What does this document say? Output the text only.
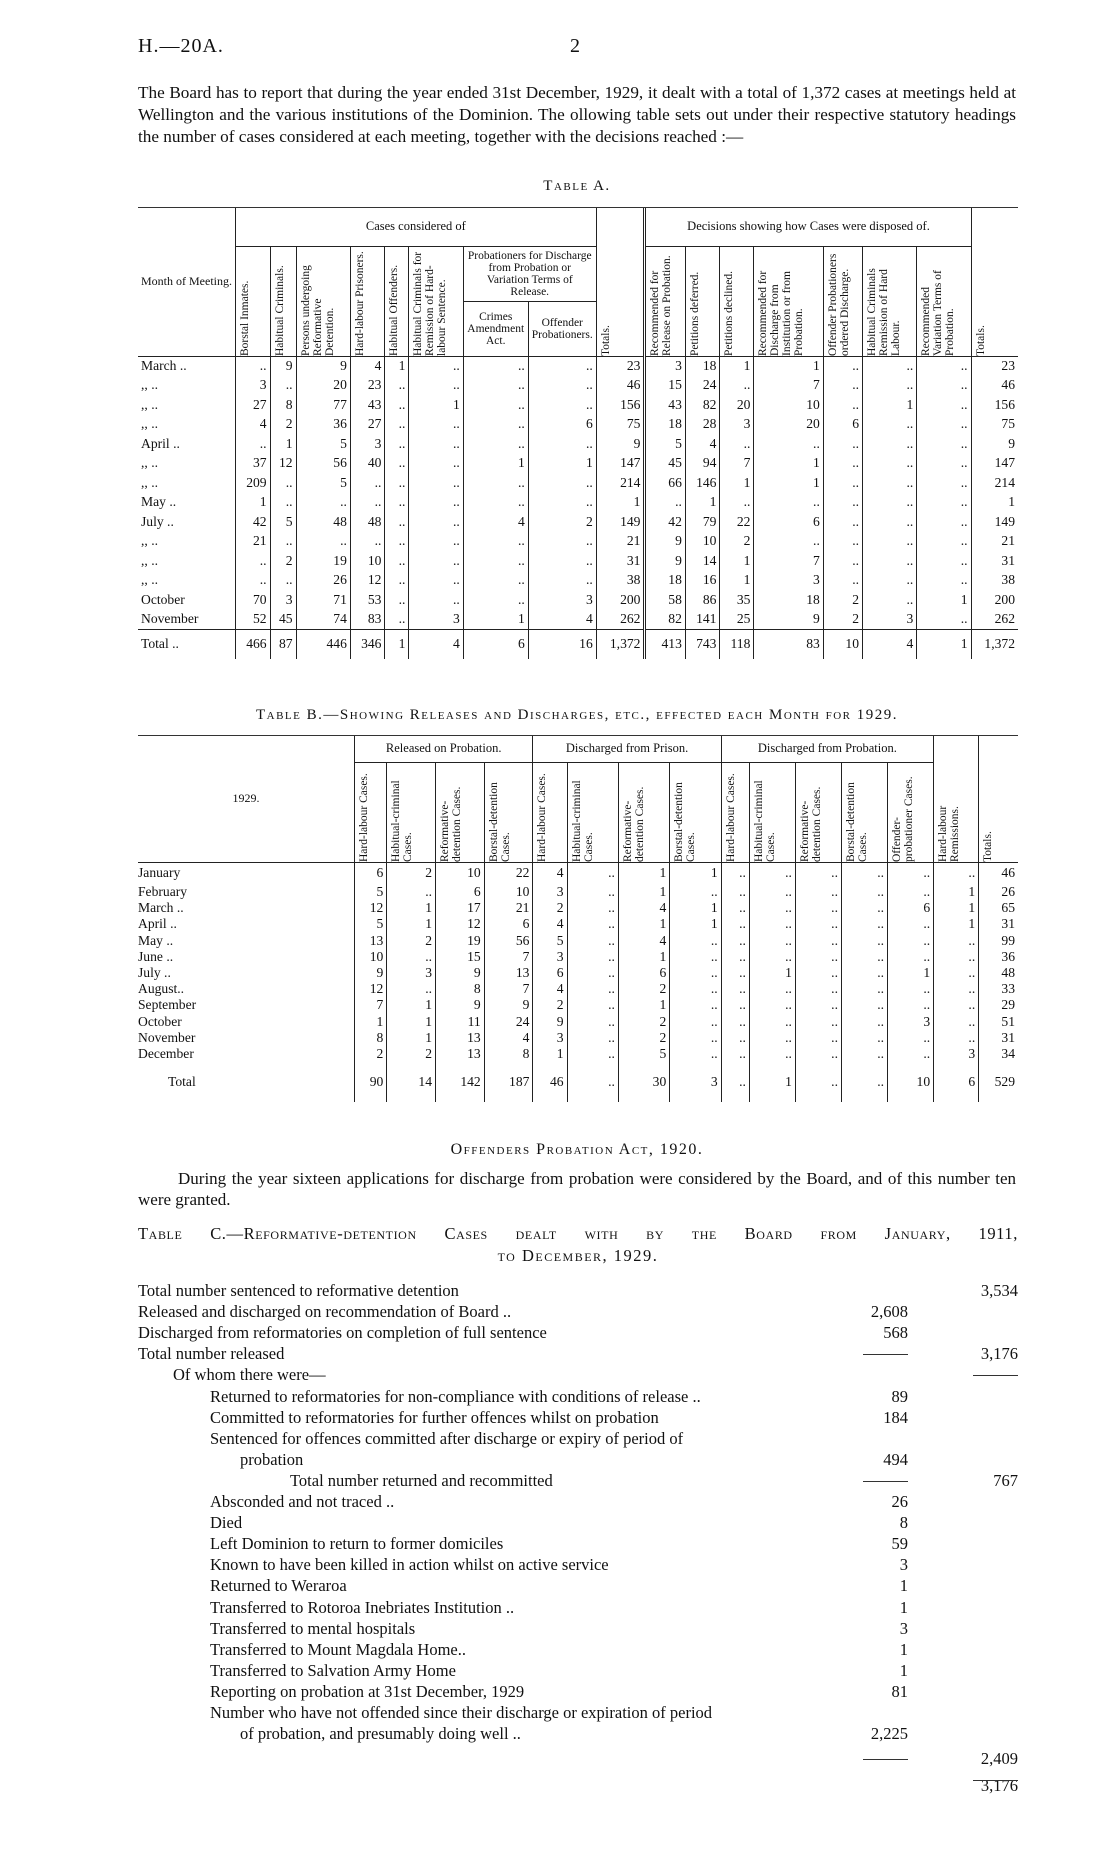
H.—20A.	2
The Board has to report that during the year ended 31st December, 1929, it dealt with a total of 1,372 cases at meetings held at Wellington and the various institutions of the Dominion. The ollowing table sets out under their respective statutory headings the number of cases considered at each meeting, together with the decisions reached :—
Table A.
Month of Meeting.	Cases considered of								Totals.	Decisions showing how Cases were disposed of.							Totals.

	Borstal Inmates.	Habitual Criminals.	Persons undergoing Reformative Detention.	Hard-labour Prisoners.	Habitual Offenders.	Habitual Criminals for Remission of Hard-labour Sentence.	Probationers for Discharge from Probation or Variation Terms of Release.			Recommended for Release on Probation.	Petitions deferred.	Petitions declined.	Recommended for Discharge from Institution or from Probation.	Offender Probationers ordered Discharge.	Habitual Criminals Remission of Hard Labour.	Recommended Variation Terms of Probation.	

							Crimes Amendment Act.	Offender Probationers.									
March ..	..	9	9	4	1	..	..	..	23	3	18	1	1	..	..	..	23
,, ..	3	..	20	23	..	..	..	..	46	15	24	..	7	..	..	..	46
,, ..	27	8	77	43	..	1	..	..	156	43	82	20	10	..	1	..	156
,, ..	4	2	36	27	..	..	..	6	75	18	28	3	20	6	..	..	75
April ..	..	1	5	3	..	..	..	..	9	5	4	..	..	..	..	..	9
,, ..	37	12	56	40	..	..	1	1	147	45	94	7	1	..	..	..	147
,, ..	209	..	5	..	..	..	..	..	214	66	146	1	1	..	..	..	214
May ..	1	..	..	..	..	..	..	..	1	..	1	..	..	..	..	..	1
July ..	42	5	48	48	..	..	4	2	149	42	79	22	6	..	..	..	149
,, ..	21	..	..	..	..	..	..	..	21	9	10	2	..	..	..	..	21
,, ..	..	2	19	10	..	..	..	..	31	9	14	1	7	..	..	..	31
,, ..	..	..	26	12	..	..	..	..	38	18	16	1	3	..	..	..	38
October	70	3	71	53	..	..	..	3	200	58	86	35	18	2	..	1	200
November	52	45	74	83	..	3	1	4	262	82	141	25	9	2	3	..	262
Total ..	466	87	446	346	1	4	6	16	1,372	413	743	118	83	10	4	1	1,372
Table B.—Showing Releases and Discharges, etc., effected each Month for 1929.
1929.	Released on Probation.				Discharged from Prison.				Discharged from Probation.					Hard-labour Remissions.	Totals.

	Hard-labour Cases.	Habitual-criminal Cases.	Reformative-detention Cases.	Borstal-detention Cases.	Hard-labour Cases.	Habitual-criminal Cases.	Reformative-detention Cases.	Borstal-detention Cases.	Hard-labour Cases.	Habitual-criminal Cases.	Reformative-detention Cases.	Borstal-detention Cases.	Offender-probationer Cases.		

January	6	2	10	22	4	..	1	1	..	..	..	..	..	..	46
February	5	..	6	10	3	..	1	..	..	..	..	..	..	1	26
March ..	12	1	17	21	2	..	4	1	..	..	..	..	6	1	65
April ..	5	1	12	6	4	..	1	1	..	..	..	..	..	1	31
May ..	13	2	19	56	5	..	4	..	..	..	..	..	..	..	99
June ..	10	..	15	7	3	..	1	..	..	..	..	..	..	..	36
July ..	9	3	9	13	6	..	6	..	..	1	..	..	1	..	48
August..	12	..	8	7	4	..	2	..	..	..	..	..	..	..	33
September	7	1	9	9	2	..	1	..	..	..	..	..	..	..	29
October	1	1	11	24	9	..	2	..	..	..	..	..	3	..	51
November	8	1	13	4	3	..	2	..	..	..	..	..	..	..	31
December	2	2	13	8	1	..	5	..	..	..	..	..	..	3	34
Total	90	14	142	187	46	..	30	3	..	1	..	..	10	6	529
Offenders Probation Act, 1920.
During the year sixteen applications for discharge from probation were considered by the Board, and of this number ten were granted.
Table C.—Reformative-detention Cases dealt with by the Board from January, 1911,
to December, 1929.
Total number sentenced to reformative detention	3,534
Released and discharged on recommendation of Board ..	2,608
Discharged from reformatories on completion of full sentence	568
Total number released	3,176
Of whom there were—
Returned to reformatories for non-compliance with conditions of release ..	89
Committed to reformatories for further offences whilst on probation	184
Sentenced for offences committed after discharge or expiry of period of
probation	494
Total number returned and recommitted	767
Absconded and not traced ..	26
Died	8
Left Dominion to return to former domiciles	59
Known to have been killed in action whilst on active service	3
Returned to Weraroa	1
Transferred to Rotoroa Inebriates Institution ..	1
Transferred to mental hospitals	3
Transferred to Mount Magdala Home..	1
Transferred to Salvation Army Home	1
Reporting on probation at 31st December, 1929	81
Number who have not offended since their discharge or expiration of period
of probation, and presumably doing well ..	2,225
2,409
3,176
